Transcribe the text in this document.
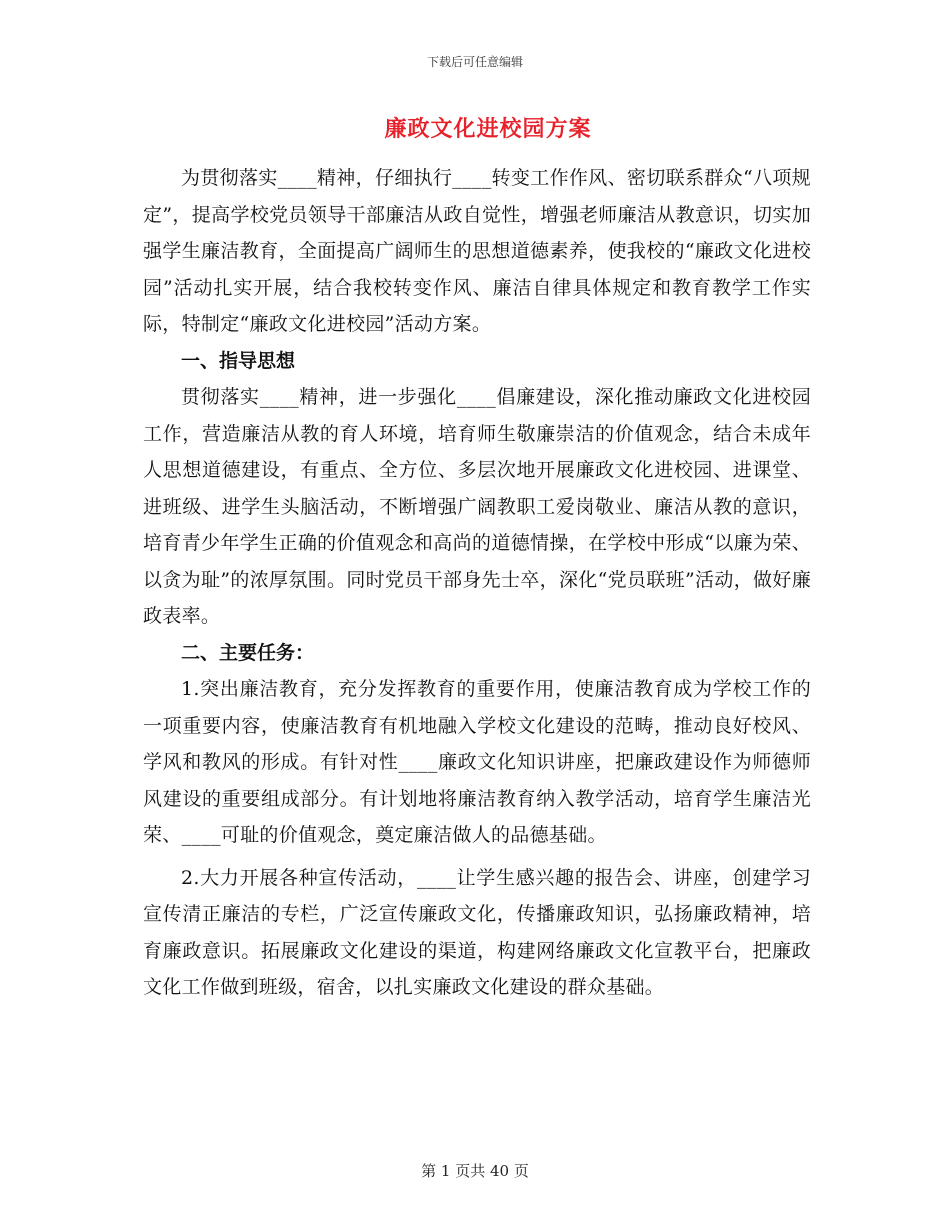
下载后可任意编辑
廉政文化进校园方案

为贯彻落实____精神，仔细执行____转变工作作风、密切联系群众“八项规定”，提高学校党员领导干部廉洁从政自觉性，增强老师廉洁从教意识，切实加强学生廉洁教育，全面提高广阔师生的思想道德素养，使我校的“廉政文化进校园”活动扎实开展，结合我校转变作风、廉洁自律具体规定和教育教学工作实际，特制定“廉政文化进校园”活动方案。

一、指导思想

贯彻落实____精神，进一步强化____倡廉建设，深化推动廉政文化进校园工作，营造廉洁从教的育人环境，培育师生敬廉崇洁的价值观念，结合未成年人思想道德建设，有重点、全方位、多层次地开展廉政文化进校园、进课堂、进班级、进学生头脑活动，不断增强广阔教职工爱岗敬业、廉洁从教的意识，培育青少年学生正确的价值观念和高尚的道德情操，在学校中形成“以廉为荣、以贪为耻”的浓厚氛围。同时党员干部身先士卒，深化“党员联班”活动，做好廉政表率。

二、主要任务：

1.突出廉洁教育，充分发挥教育的重要作用，使廉洁教育成为学校工作的一项重要内容，使廉洁教育有机地融入学校文化建设的范畴，推动良好校风、学风和教风的形成。有针对性____廉政文化知识讲座，把廉政建设作为师德师风建设的重要组成部分。有计划地将廉洁教育纳入教学活动，培育学生廉洁光荣、____可耻的价值观念，奠定廉洁做人的品德基础。

2.大力开展各种宣传活动，____让学生感兴趣的报告会、讲座，创建学习宣传清正廉洁的专栏，广泛宣传廉政文化，传播廉政知识，弘扬廉政精神，培育廉政意识。拓展廉政文化建设的渠道，构建网络廉政文化宣教平台，把廉政文化工作做到班级，宿舍，以扎实廉政文化建设的群众基础。

第 1 页共 40 页
